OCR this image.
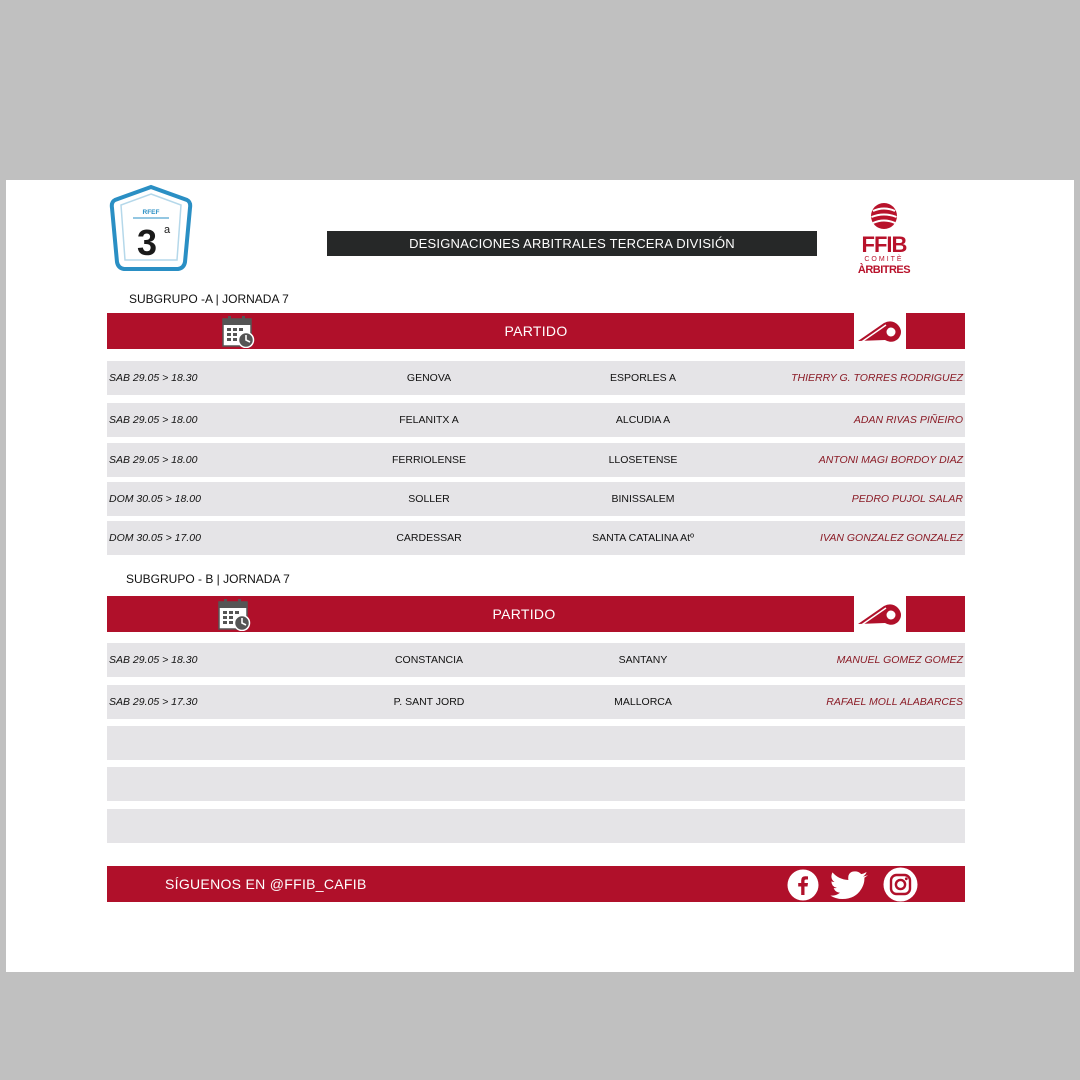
RFEF
3 a
DESIGNACIONES ARBITRALES TERCERA DIVISIÓN	FFIB
COMITÈ
ÀRBITRES
SUBGRUPO -A | JORNADA 7
PARTIDO
SAB 29.05 > 18.30	GENOVA	ESPORLES A	THIERRY G. TORRES RODRIGUEZ
SAB 29.05 > 18.00	FELANITX A	ALCUDIA A	ADAN RIVAS PIÑEIRO
SAB 29.05 > 18.00	FERRIOLENSE	LLOSETENSE	ANTONI MAGI BORDOY DIAZ
DOM 30.05 > 18.00	SOLLER	BINISSALEM	PEDRO PUJOL SALAR
DOM 30.05 > 17.00	CARDESSAR	SANTA CATALINA Atº	IVAN GONZALEZ GONZALEZ
SUBGRUPO - B | JORNADA 7
PARTIDO
SAB 29.05 > 18.30	CONSTANCIA	SANTANY	MANUEL GOMEZ GOMEZ
SAB 29.05 > 17.30	P. SANT JORD	MALLORCA	RAFAEL MOLL ALABARCES
SÍGUENOS EN @FFIB_CAFIB
